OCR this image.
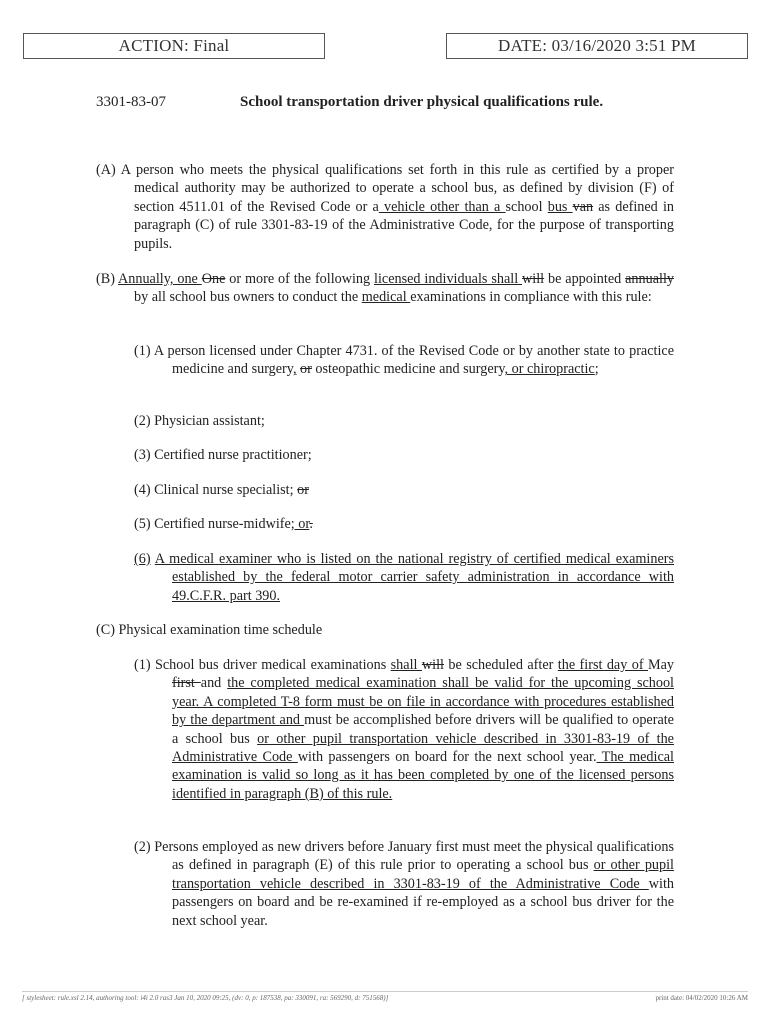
ACTION: Final	DATE: 03/16/2020 3:51 PM
3301-83-07	School transportation driver physical qualifications rule.
(A) A person who meets the physical qualifications set forth in this rule as certified by a proper medical authority may be authorized to operate a school bus, as defined by division (F) of section 4511.01 of the Revised Code or a vehicle other than a school bus van as defined in paragraph (C) of rule 3301-83-19 of the Administrative Code, for the purpose of transporting pupils.
(B) Annually, one One or more of the following licensed individuals shall will be appointed annually by all school bus owners to conduct the medical examinations in compliance with this rule:
(1) A person licensed under Chapter 4731. of the Revised Code or by another state to practice medicine and surgery, or osteopathic medicine and surgery, or chiropractic;
(2) Physician assistant;
(3) Certified nurse practitioner;
(4) Clinical nurse specialist; or
(5) Certified nurse-midwife; or.
(6) A medical examiner who is listed on the national registry of certified medical examiners established by the federal motor carrier safety administration in accordance with 49.C.F.R. part 390.
(C) Physical examination time schedule
(1) School bus driver medical examinations shall will be scheduled after the first day of May first and the completed medical examination shall be valid for the upcoming school year. A completed T-8 form must be on file in accordance with procedures established by the department and must be accomplished before drivers will be qualified to operate a school bus or other pupil transportation vehicle described in 3301-83-19 of the Administrative Code with passengers on board for the next school year. The medical examination is valid so long as it has been completed by one of the licensed persons identified in paragraph (B) of this rule.
(2) Persons employed as new drivers before January first must meet the physical qualifications as defined in paragraph (E) of this rule prior to operating a school bus or other pupil transportation vehicle described in 3301-83-19 of the Administrative Code with passengers on board and be re-examined if re-employed as a school bus driver for the next school year.
[ stylesheet: rule.xsl 2.14, authoring tool: i4i 2.0 ras3 Jan 10, 2020 09:25, (dv: 0, p: 187538, pa: 330091, ra: 569290, d: 751568)]	print date: 04/02/2020 10:26 AM
